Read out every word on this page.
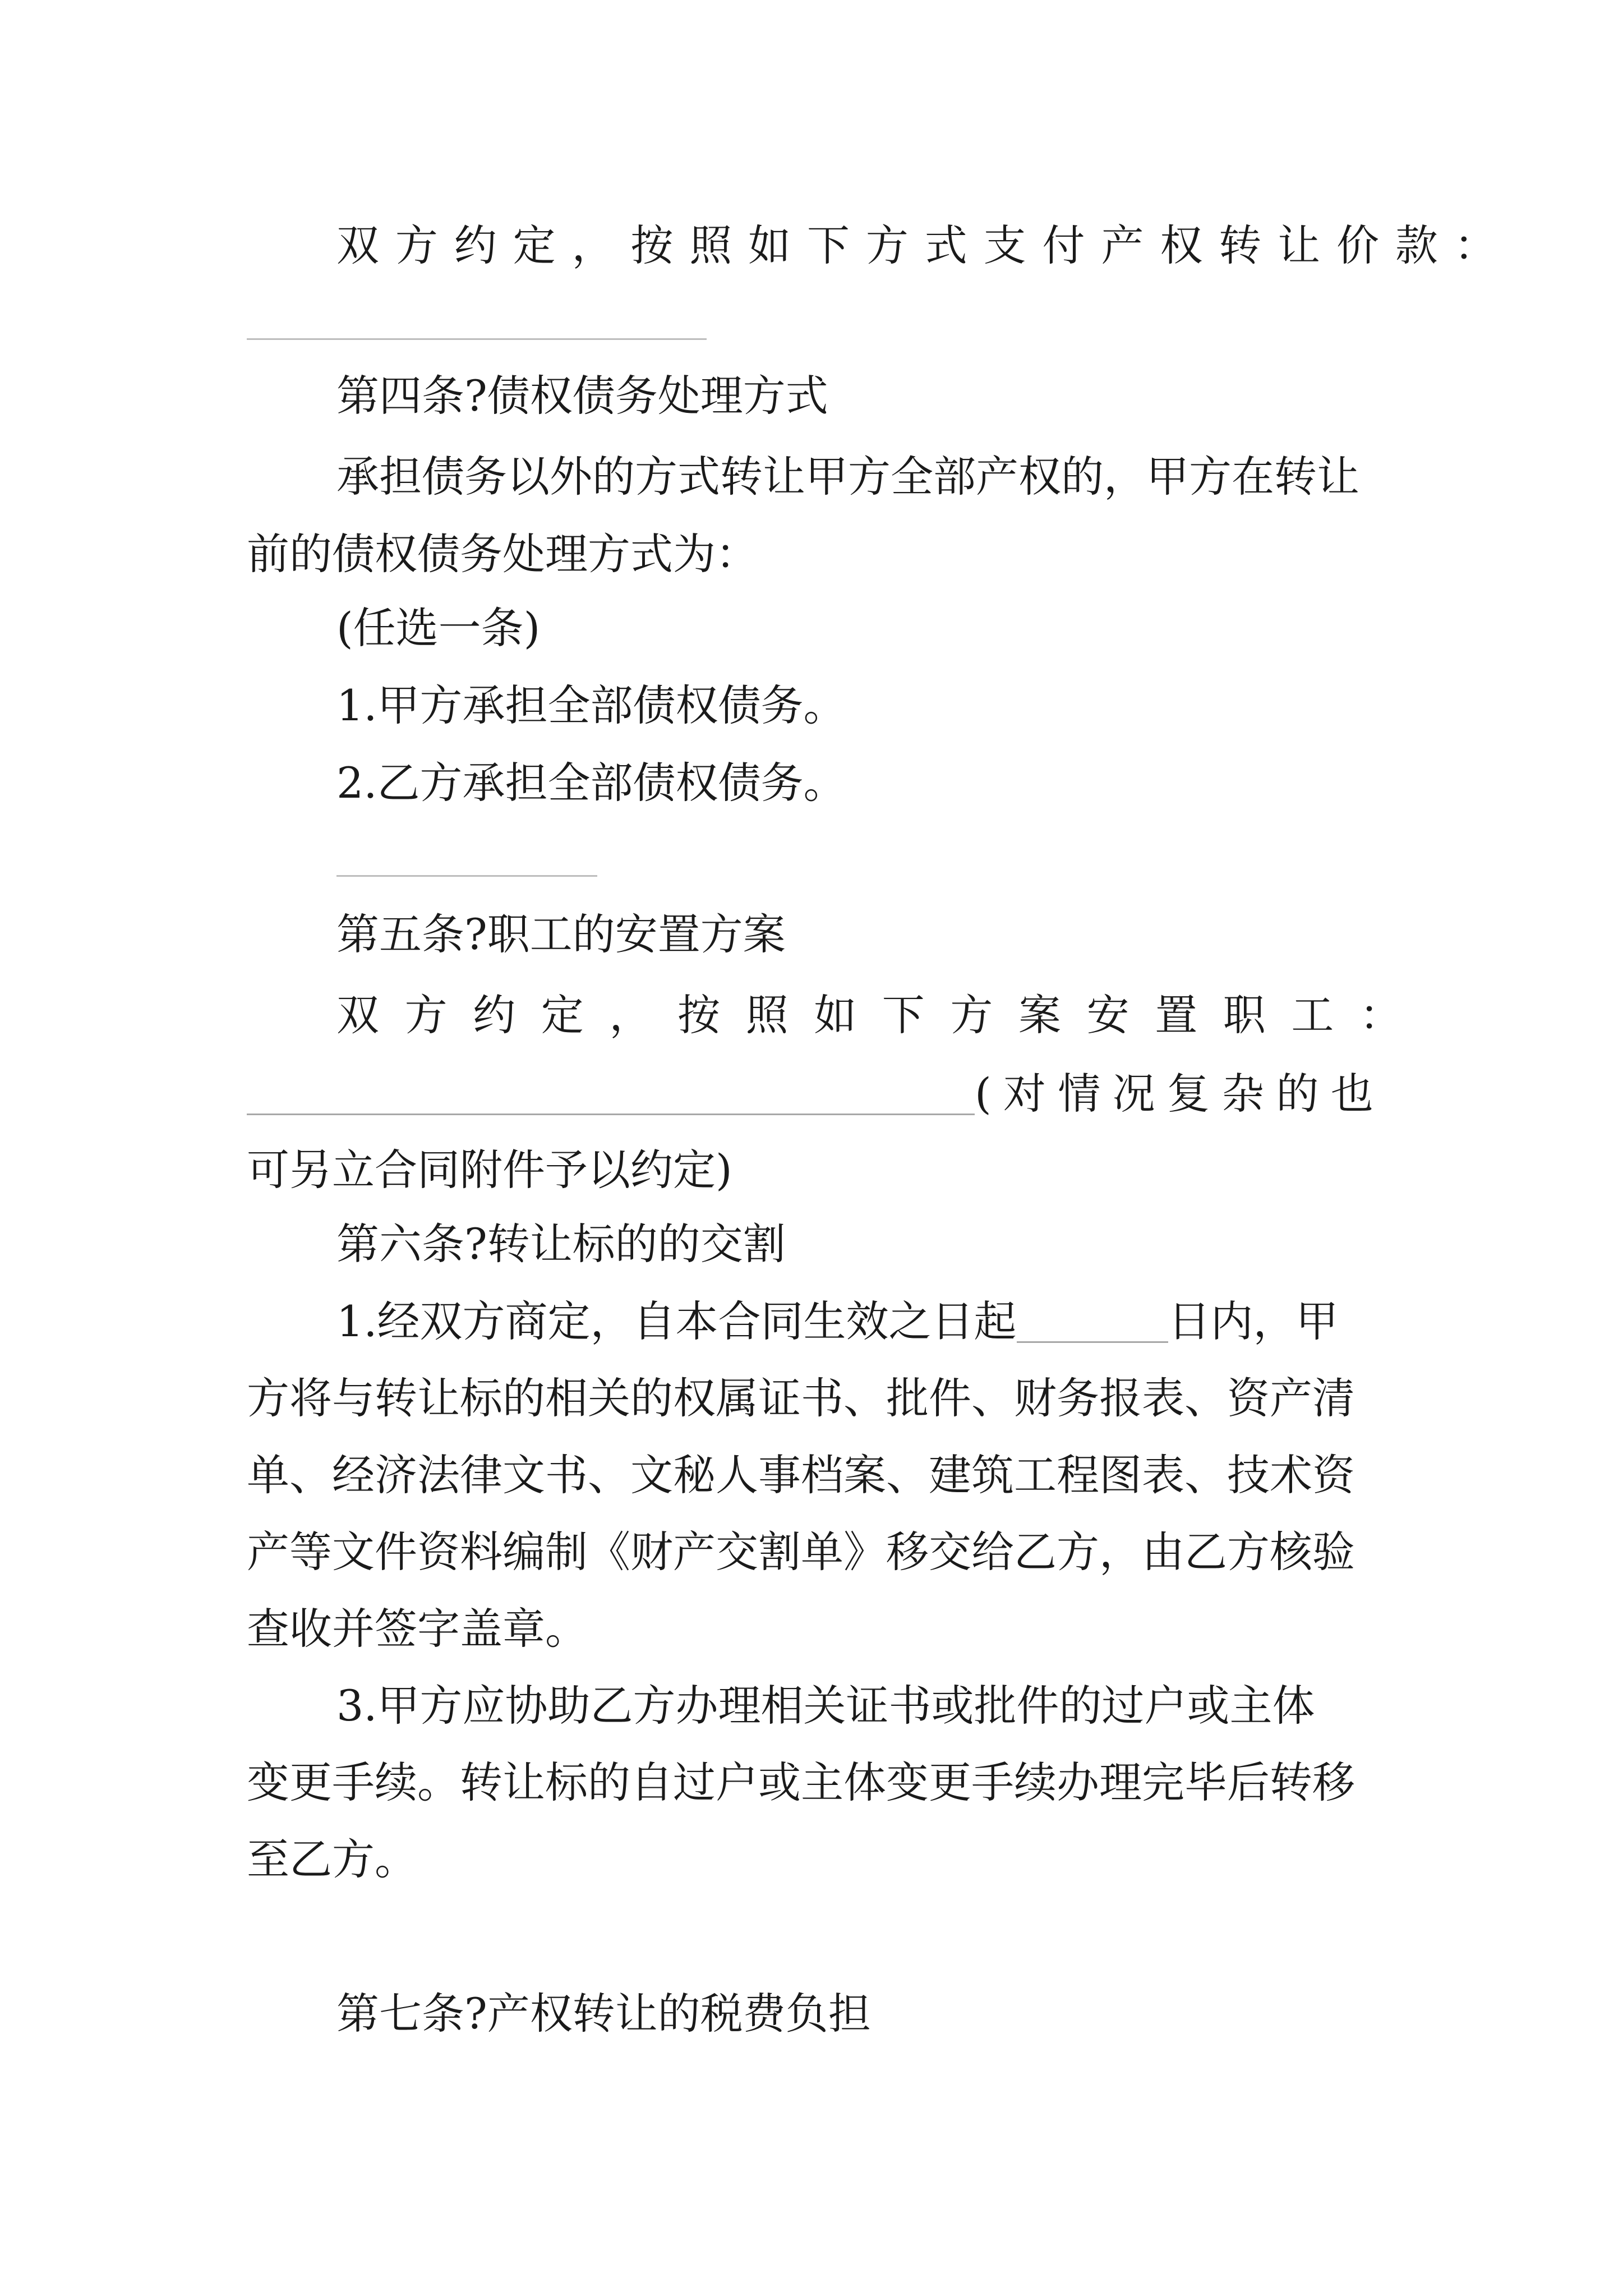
双方约定，按照如下方式支付产权转让价款：
第四条?债权债务处理方式
承担债务以外的方式转让甲方全部产权的，甲方在转让
前的债权债务处理方式为：
(任选一条)
1.甲方承担全部债权债务。
2.乙方承担全部债权债务。
第五条?职工的安置方案
双方约定，按照如下方案安置职工：
(对情况复杂的也
可另立合同附件予以约定)
第六条?转让标的的交割
1.经双方商定，自本合同生效之日起	日内，甲
方将与转让标的相关的权属证书、批件、财务报表、资产清
单、经济法律文书、文秘人事档案、建筑工程图表、技术资
产等文件资料编制《财产交割单》移交给乙方，由乙方核验
查收并签字盖章。
3.甲方应协助乙方办理相关证书或批件的过户或主体
变更手续。转让标的自过户或主体变更手续办理完毕后转移
至乙方。
第七条?产权转让的税费负担
